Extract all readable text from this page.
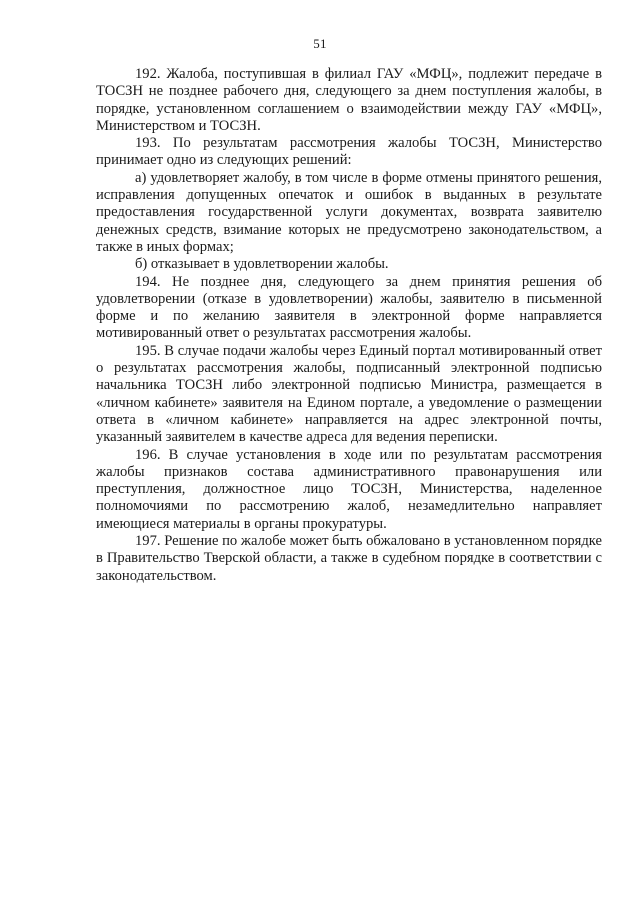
51

192. Жалоба, поступившая в филиал ГАУ «МФЦ», подлежит передаче в ТОСЗН не позднее рабочего дня, следующего за днем поступления жалобы, в порядке, установленном соглашением о взаимодействии между ГАУ «МФЦ», Министерством и ТОСЗН.

193. По результатам рассмотрения жалобы ТОСЗН, Министерство принимает одно из следующих решений:

а) удовлетворяет жалобу, в том числе в форме отмены принятого решения, исправления допущенных опечаток и ошибок в выданных в результате предоставления государственной услуги документах, возврата заявителю денежных средств, взимание которых не предусмотрено законодательством, а также в иных формах;

б) отказывает в удовлетворении жалобы.

194. Не позднее дня, следующего за днем принятия решения об удовлетворении (отказе в удовлетворении) жалобы, заявителю в письменной форме и по желанию заявителя в электронной форме направляется мотивированный ответ о результатах рассмотрения жалобы.

195. В случае подачи жалобы через Единый портал мотивированный ответ о результатах рассмотрения жалобы, подписанный электронной подписью начальника ТОСЗН либо электронной подписью Министра, размещается в «личном кабинете» заявителя на Едином портале, а уведомление о размещении ответа в «личном кабинете» направляется на адрес электронной почты, указанный заявителем в качестве адреса для ведения переписки.

196. В случае установления в ходе или по результатам рассмотрения жалобы признаков состава административного правонарушения или преступления, должностное лицо ТОСЗН, Министерства, наделенное полномочиями по рассмотрению жалоб, незамедлительно направляет имеющиеся материалы в органы прокуратуры.

197. Решение по жалобе может быть обжаловано в установленном порядке в Правительство Тверской области, а также в судебном порядке в соответствии с законодательством.
